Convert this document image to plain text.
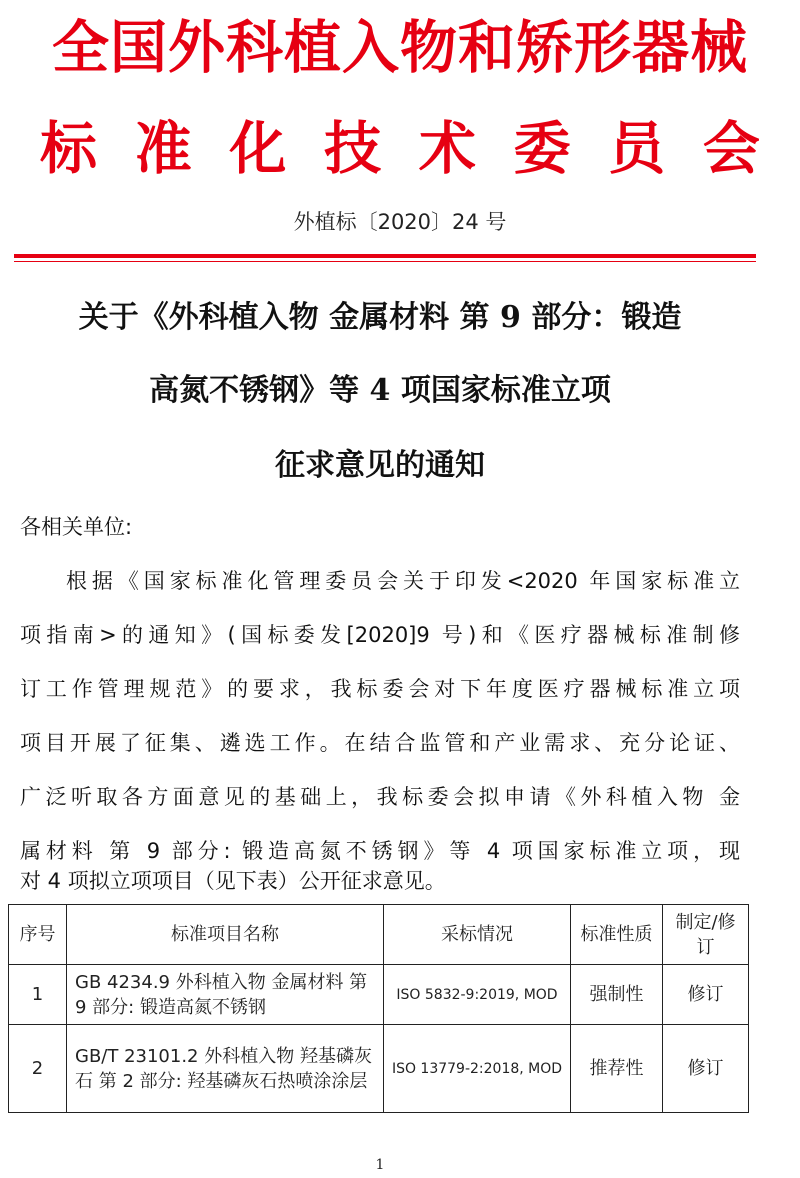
全国外科植入物和矫形器械
标 准 化 技 术 委 员 会
外植标〔2020〕24 号
关于《外科植入物 金属材料 第 9 部分：锻造
高氮不锈钢》等 4 项国家标准立项
征求意见的通知
各相关单位:
根据《国家标准化管理委员会关于印发<2020 年国家标准立
项指南>的通知》(国标委发[2020]9 号)和《医疗器械标准制修
订工作管理规范》的要求，我标委会对下年度医疗器械标准立项
项目开展了征集、遴选工作。在结合监管和产业需求、充分论证、
广泛听取各方面意见的基础上，我标委会拟申请《外科植入物 金
属材料 第 9 部分: 锻造高氮不锈钢》等 4 项国家标准立项，现
对 4 项拟立项项目（见下表）公开征求意见。
序号	标准项目名称	采标情况	标准性质	制定/修订
1	GB 4234.9 外科植入物 金属材料 第 9 部分: 锻造高氮不锈钢	ISO 5832-9:2019, MOD	强制性	修订
2	GB/T 23101.2 外科植入物 羟基磷灰石 第 2 部分: 羟基磷灰石热喷涂涂层	ISO 13779-2:2018, MOD	推荐性	修订
1
